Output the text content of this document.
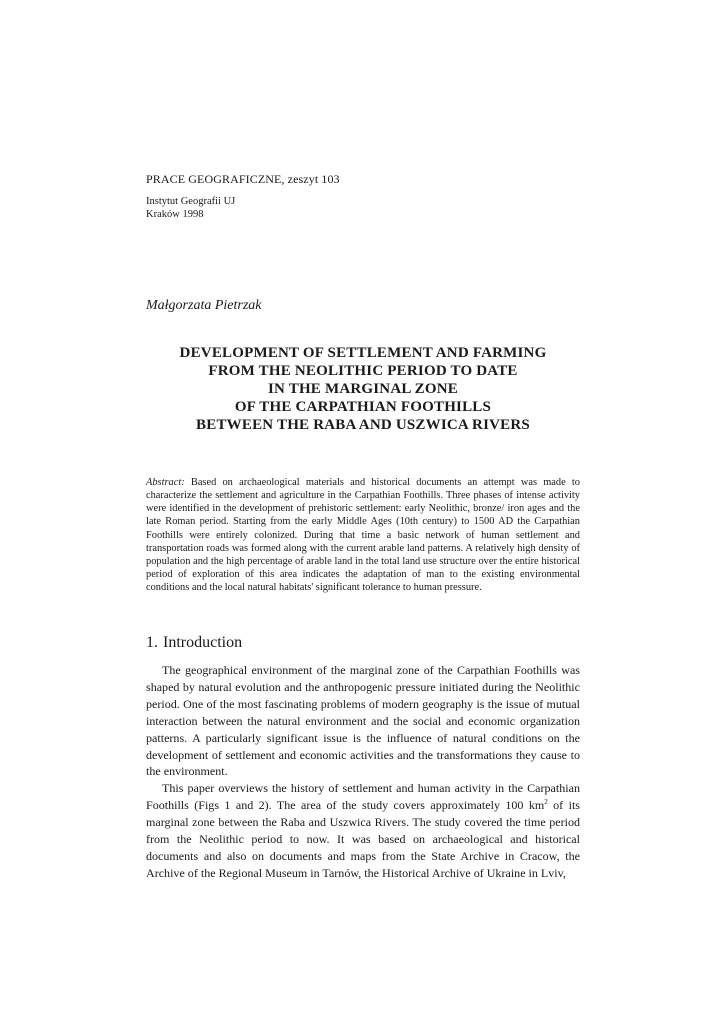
PRACE GEOGRAFICZNE, zeszyt 103
Instytut Geografii UJ
Kraków 1998
Małgorzata Pietrzak
DEVELOPMENT OF SETTLEMENT AND FARMING
FROM THE NEOLITHIC PERIOD TO DATE
IN THE MARGINAL ZONE
OF THE CARPATHIAN FOOTHILLS
BETWEEN THE RABA AND USZWICA RIVERS
Abstract: Based on archaeological materials and historical documents an attempt was made to characterize the settlement and agriculture in the Carpathian Foothills. Three phases of intense activity were identified in the development of prehistoric settlement: early Neolithic, bronze/ iron ages and the late Roman period. Starting from the early Middle Ages (10th century) to 1500 AD the Carpathian Foothills were entirely colonized. During that time a basic network of human settlement and transportation roads was formed along with the current arable land patterns. A relatively high density of population and the high percentage of arable land in the total land use structure over the entire historical period of exploration of this area indicates the adaptation of man to the existing environmental conditions and the local natural habitats' significant tolerance to human pressure.
1. Introduction

The geographical environment of the marginal zone of the Carpathian Foothills was shaped by natural evolution and the anthropogenic pressure initiated during the Neolithic period. One of the most fascinating problems of modern geography is the issue of mutual interaction between the natural environment and the social and economic organization patterns. A particularly significant issue is the influence of natural conditions on the development of settlement and economic activities and the transformations they cause to the environment.

This paper overviews the history of settlement and human activity in the Carpathian Foothills (Figs 1 and 2). The area of the study covers approximately 100 $km^2$ of its marginal zone between the Raba and Uszwica Rivers. The study covered the time period from the Neolithic period to now. It was based on archaeological and historical documents and also on documents and maps from the State Archive in Cracow, the Archive of the Regional Museum in Tarnów, the Historical Archive of Ukraine in Lviv,
